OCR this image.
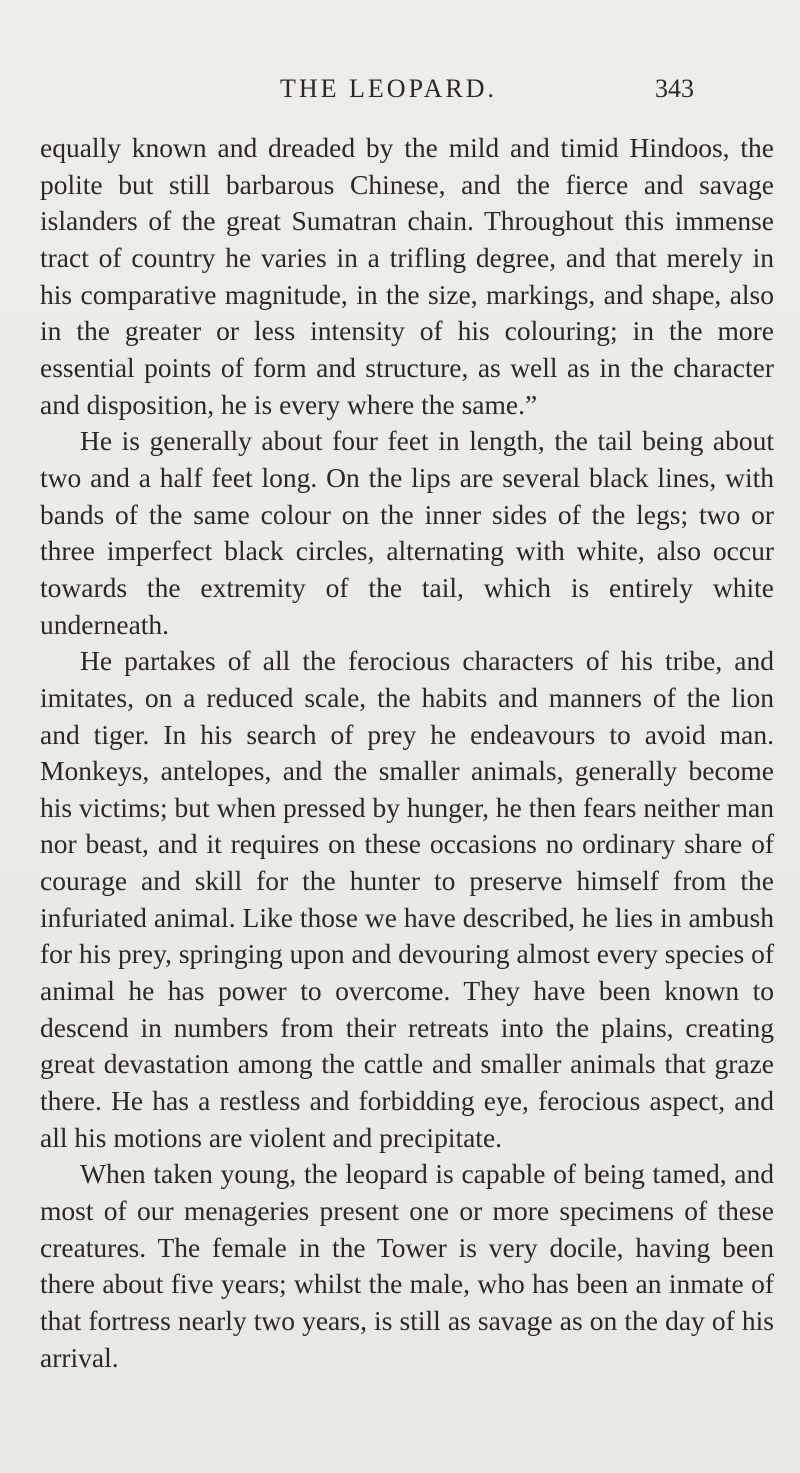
THE LEOPARD.	343

equally known and dreaded by the mild and timid Hindoos, the polite but still barbarous Chinese, and the fierce and savage islanders of the great Sumatran chain. Throughout this immense tract of country he varies in a trifling degree, and that merely in his comparative magnitude, in the size, markings, and shape, also in the greater or less intensity of his colouring; in the more essential points of form and structure, as well as in the character and disposition, he is every where the same.”

He is generally about four feet in length, the tail being about two and a half feet long. On the lips are several black lines, with bands of the same colour on the inner sides of the legs; two or three imperfect black circles, alternating with white, also occur towards the extremity of the tail, which is entirely white underneath.

He partakes of all the ferocious characters of his tribe, and imitates, on a reduced scale, the habits and manners of the lion and tiger. In his search of prey he endeavours to avoid man. Monkeys, antelopes, and the smaller animals, generally become his victims; but when pressed by hunger, he then fears neither man nor beast, and it requires on these occasions no ordinary share of courage and skill for the hunter to preserve himself from the infuriated animal. Like those we have described, he lies in ambush for his prey, springing upon and devouring almost every species of animal he has power to overcome. They have been known to descend in numbers from their retreats into the plains, creating great devastation among the cattle and smaller animals that graze there. He has a restless and forbidding eye, ferocious aspect, and all his motions are violent and precipitate.

When taken young, the leopard is capable of being tamed, and most of our menageries present one or more specimens of these creatures. The female in the Tower is very docile, having been there about five years; whilst the male, who has been an inmate of that fortress nearly two years, is still as savage as on the day of his arrival.
